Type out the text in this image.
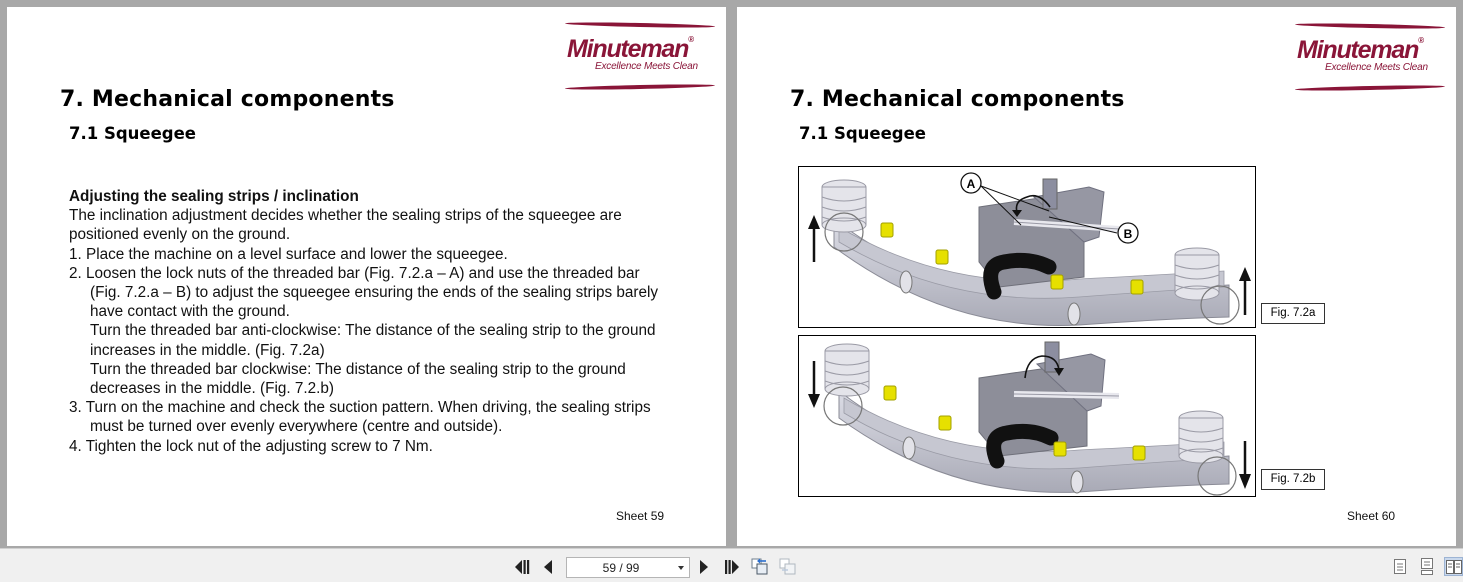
Minuteman®
Excellence Meets Clean
7. Mechanical components
7.1 Squeegee
Adjusting the sealing strips / inclination
The inclination adjustment decides whether the sealing strips of the squeegee are
positioned evenly on the ground.
1. Place the machine on a level surface and lower the squeegee.
2. Loosen the lock nuts of the threaded bar (Fig. 7.2.a – A) and use the threaded bar
(Fig. 7.2.a – B) to adjust the squeegee ensuring the ends of the sealing strips barely
have contact with the ground.
Turn the threaded bar anti-clockwise: The distance of the sealing strip to the ground
increases in the middle. (Fig. 7.2a)
Turn the threaded bar clockwise: The distance of the sealing strip to the ground
decreases in the middle. (Fig. 7.2.b)
3. Turn on the machine and check the suction pattern. When driving, the sealing strips
must be turned over evenly everywhere (centre and outside).
4. Tighten the lock nut of the adjusting screw to 7 Nm.
Sheet 59
Minuteman®
Excellence Meets Clean
7. Mechanical components
7.1 Squeegee
A
B
Fig. 7.2a
Fig. 7.2b
Sheet 60
59 / 99
